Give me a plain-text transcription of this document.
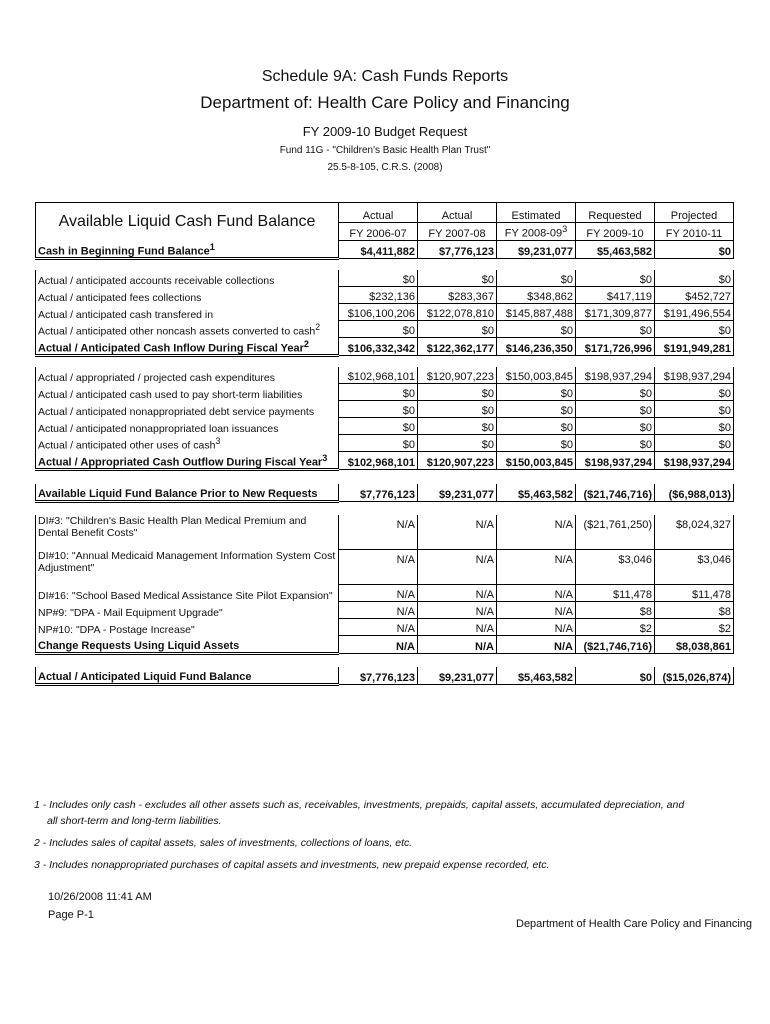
Schedule 9A: Cash Funds Reports
Department of: Health Care Policy and Financing
FY 2009-10 Budget Request
Fund 11G - "Children's Basic Health Plan Trust"
25.5-8-105, C.R.S. (2008)
Available Liquid Cash Fund Balance	Actual	Actual	Estimated	Requested	Projected
	FY 2006-07	FY 2007-08	FY $2008-09^3$	FY 2009-10	FY 2010-11
Cash in Beginning Fund Balance$^1$	$4,411,882	$7,776,123	$9,231,077	$5,463,582	$0

Actual / anticipated accounts receivable collections	$0	$0	$0	$0	$0
Actual / anticipated fees collections	$232,136	$283,367	$348,862	$417,119	$452,727
Actual / anticipated cash transfered in	$106,100,206	$122,078,810	$145,887,488	$171,309,877	$191,496,554
Actual / anticipated other noncash assets converted to cash$^2$	$0	$0	$0	$0	$0
Actual / Anticipated Cash Inflow During Fiscal Year$^2$	$106,332,342	$122,362,177	$146,236,350	$171,726,996	$191,949,281

Actual / appropriated / projected cash expenditures	$102,968,101	$120,907,223	$150,003,845	$198,937,294	$198,937,294
Actual / anticipated cash used to pay short-term liabilities	$0	$0	$0	$0	$0
Actual / anticipated nonappropriated debt service payments	$0	$0	$0	$0	$0
Actual / anticipated nonappropriated loan issuances	$0	$0	$0	$0	$0
Actual / anticipated other uses of cash$^3$	$0	$0	$0	$0	$0
Actual / Appropriated Cash Outflow During Fiscal Year$^3$	$102,968,101	$120,907,223	$150,003,845	$198,937,294	$198,937,294

Available Liquid Fund Balance Prior to New Requests	$7,776,123	$9,231,077	$5,463,582	($21,746,716)	($6,988,013)

DI#3: "Children's Basic Health Plan Medical Premium and Dental Benefit Costs"	N/A	N/A	N/A	($21,761,250)	$8,024,327
DI#10: "Annual Medicaid Management Information System Cost Adjustment"	N/A	N/A	N/A	$3,046	$3,046
DI#16: "School Based Medical Assistance Site Pilot Expansion"	N/A	N/A	N/A	$11,478	$11,478
NP#9: "DPA - Mail Equipment Upgrade"	N/A	N/A	N/A	$8	$8
NP#10: "DPA - Postage Increase"	N/A	N/A	N/A	$2	$2
Change Requests Using Liquid Assets	N/A	N/A	N/A	($21,746,716)	$8,038,861

Actual / Anticipated Liquid Fund Balance	$7,776,123	$9,231,077	$5,463,582	$0	($15,026,874)
1 - Includes only cash - excludes all other assets such as, receivables, investments, prepaids, capital assets, accumulated depreciation, and
all short-term and long-term liabilities.
2 - Includes sales of capital assets, sales of investments, collections of loans, etc.
3 - Includes nonappropriated purchases of capital assets and investments, new prepaid expense recorded, etc.
10/26/2008 11:41 AM
Page P-1
Department of Health Care Policy and Financing
